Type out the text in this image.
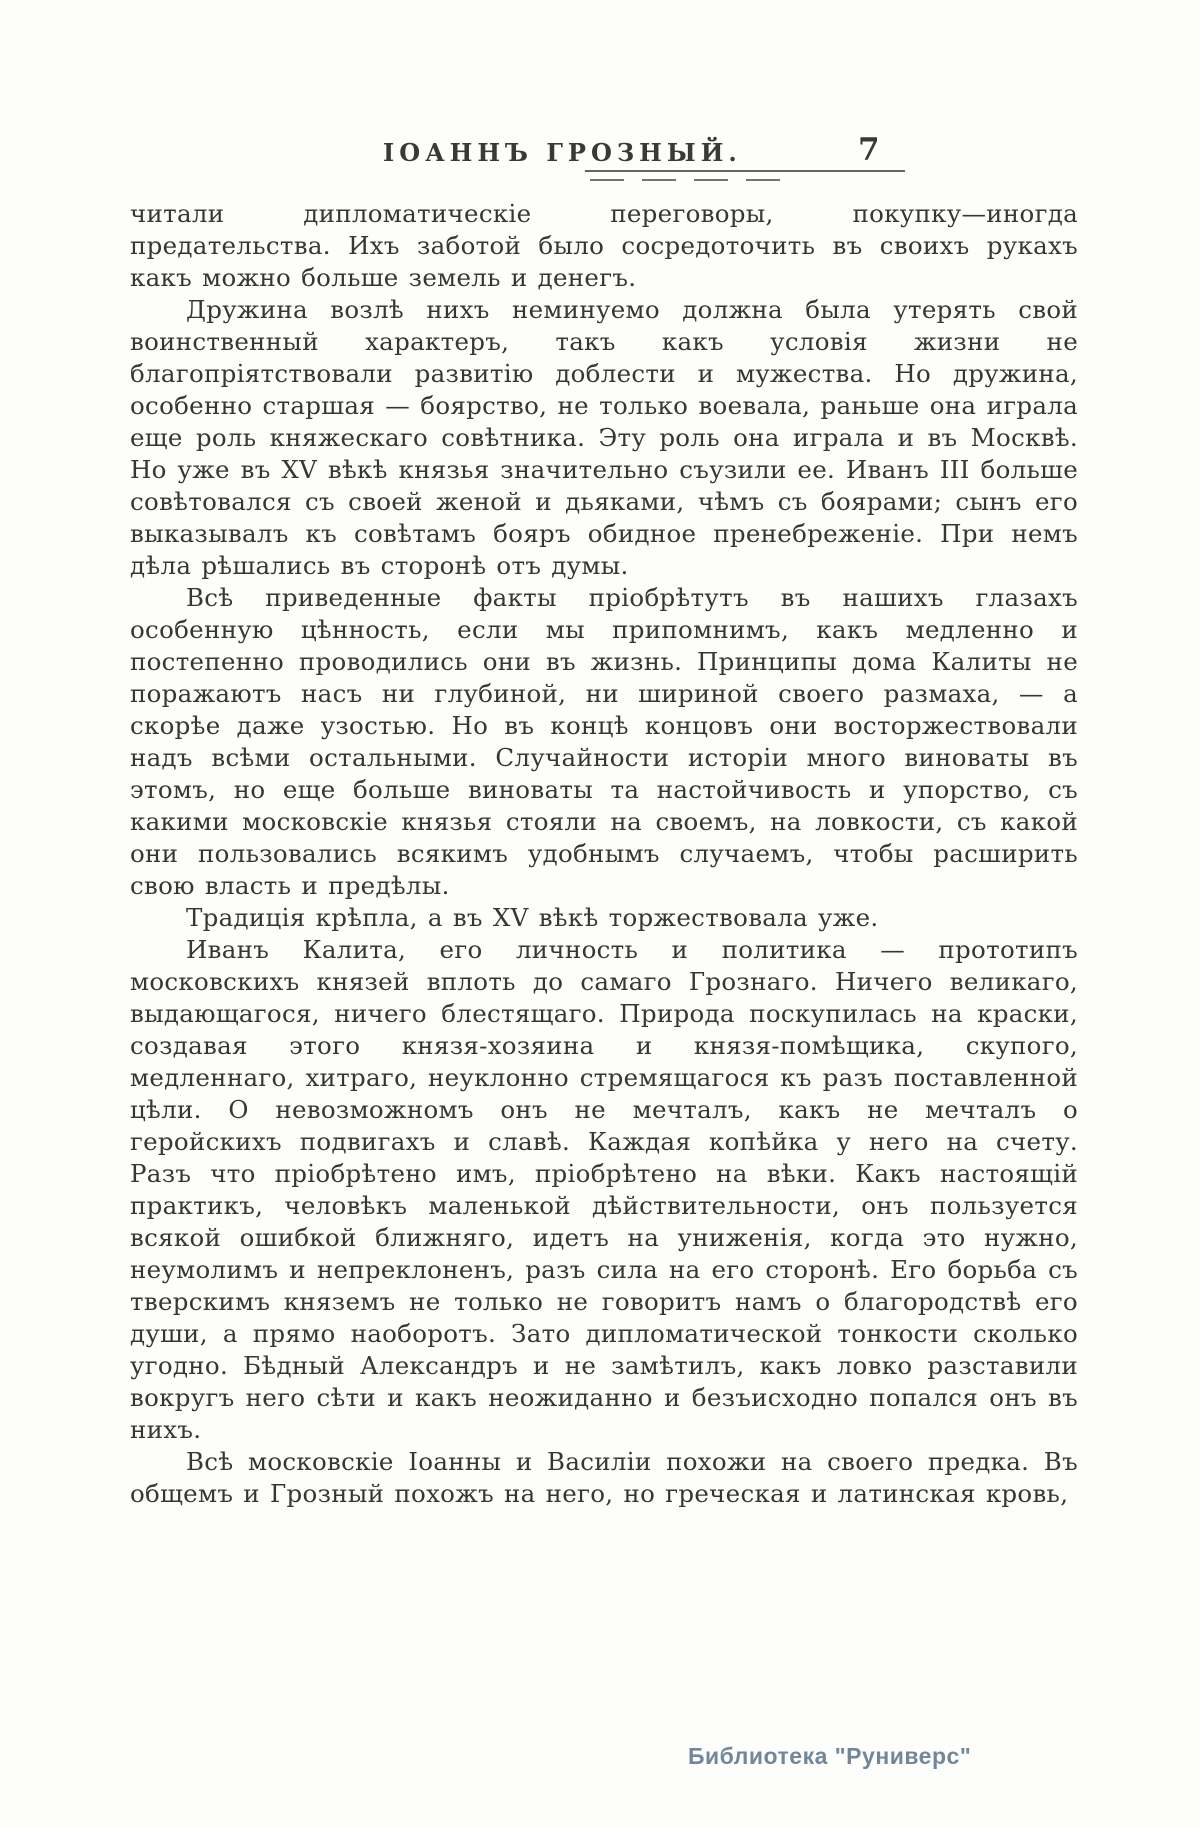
ІОАННЪ ГРОЗНЫЙ.	7

читали дипломатическіе переговоры, покупку—иногда предательства. Ихъ заботой было сосредоточить въ своихъ рукахъ какъ можно больше земель и денегъ.

Дружина возлѣ нихъ неминуемо должна была утерять свой воинственный характеръ, такъ какъ условія жизни не благопріятствовали развитію доблести и мужества. Но дружина, особенно старшая — боярство, не только воевала, раньше она играла еще роль княжескаго совѣтника. Эту роль она играла и въ Москвѣ. Но уже въ XV вѣкѣ князья значительно съузили ее. Иванъ III больше совѣтовался съ своей женой и дьяками, чѣмъ съ боярами; сынъ его выказывалъ къ совѣтамъ бояръ обидное пренебреженіе. При немъ дѣла рѣшались въ сторонѣ отъ думы.

Всѣ приведенные факты пріобрѣтутъ въ нашихъ глазахъ особенную цѣнность, если мы припомнимъ, какъ медленно и постепенно проводились они въ жизнь. Принципы дома Калиты не поражаютъ насъ ни глубиной, ни шириной своего размаха, — а скорѣе даже узостью. Но въ концѣ концовъ они восторжествовали надъ всѣми остальными. Случайности исторіи много виноваты въ этомъ, но еще больше виноваты та настойчивость и упорство, съ какими московскіе князья стояли на своемъ, на ловкости, съ какой они пользовались всякимъ удобнымъ случаемъ, чтобы расширить свою власть и предѣлы.

Традиція крѣпла, а въ XV вѣкѣ торжествовала уже.

Иванъ Калита, его личность и политика — прототипъ московскихъ князей вплоть до самаго Грознаго. Ничего великаго, выдающагося, ничего блестящаго. Природа поскупилась на краски, создавая этого князя-хозяина и князя-помѣщика, скупого, медленнаго, хитраго, неуклонно стремящагося къ разъ поставленной цѣли. О невозможномъ онъ не мечталъ, какъ не мечталъ о геройскихъ подвигахъ и славѣ. Каждая копѣйка у него на счету. Разъ что пріобрѣтено имъ, пріобрѣтено на вѣки. Какъ настоящій практикъ, человѣкъ маленькой дѣйствительности, онъ пользуется всякой ошибкой ближняго, идетъ на униженія, когда это нужно, неумолимъ и непреклоненъ, разъ сила на его сторонѣ. Его борьба съ тверскимъ княземъ не только не говоритъ намъ о благородствѣ его души, а прямо наоборотъ. Зато дипломатической тонкости сколько угодно. Бѣдный Александръ и не замѣтилъ, какъ ловко разставили вокругъ него сѣти и какъ неожиданно и безъисходно попался онъ въ нихъ.

Всѣ московскіе Іоанны и Василіи похожи на своего предка. Въ общемъ и Грозный похожъ на него, но греческая и латинская кровь,

Библиотека "Руниверс"
